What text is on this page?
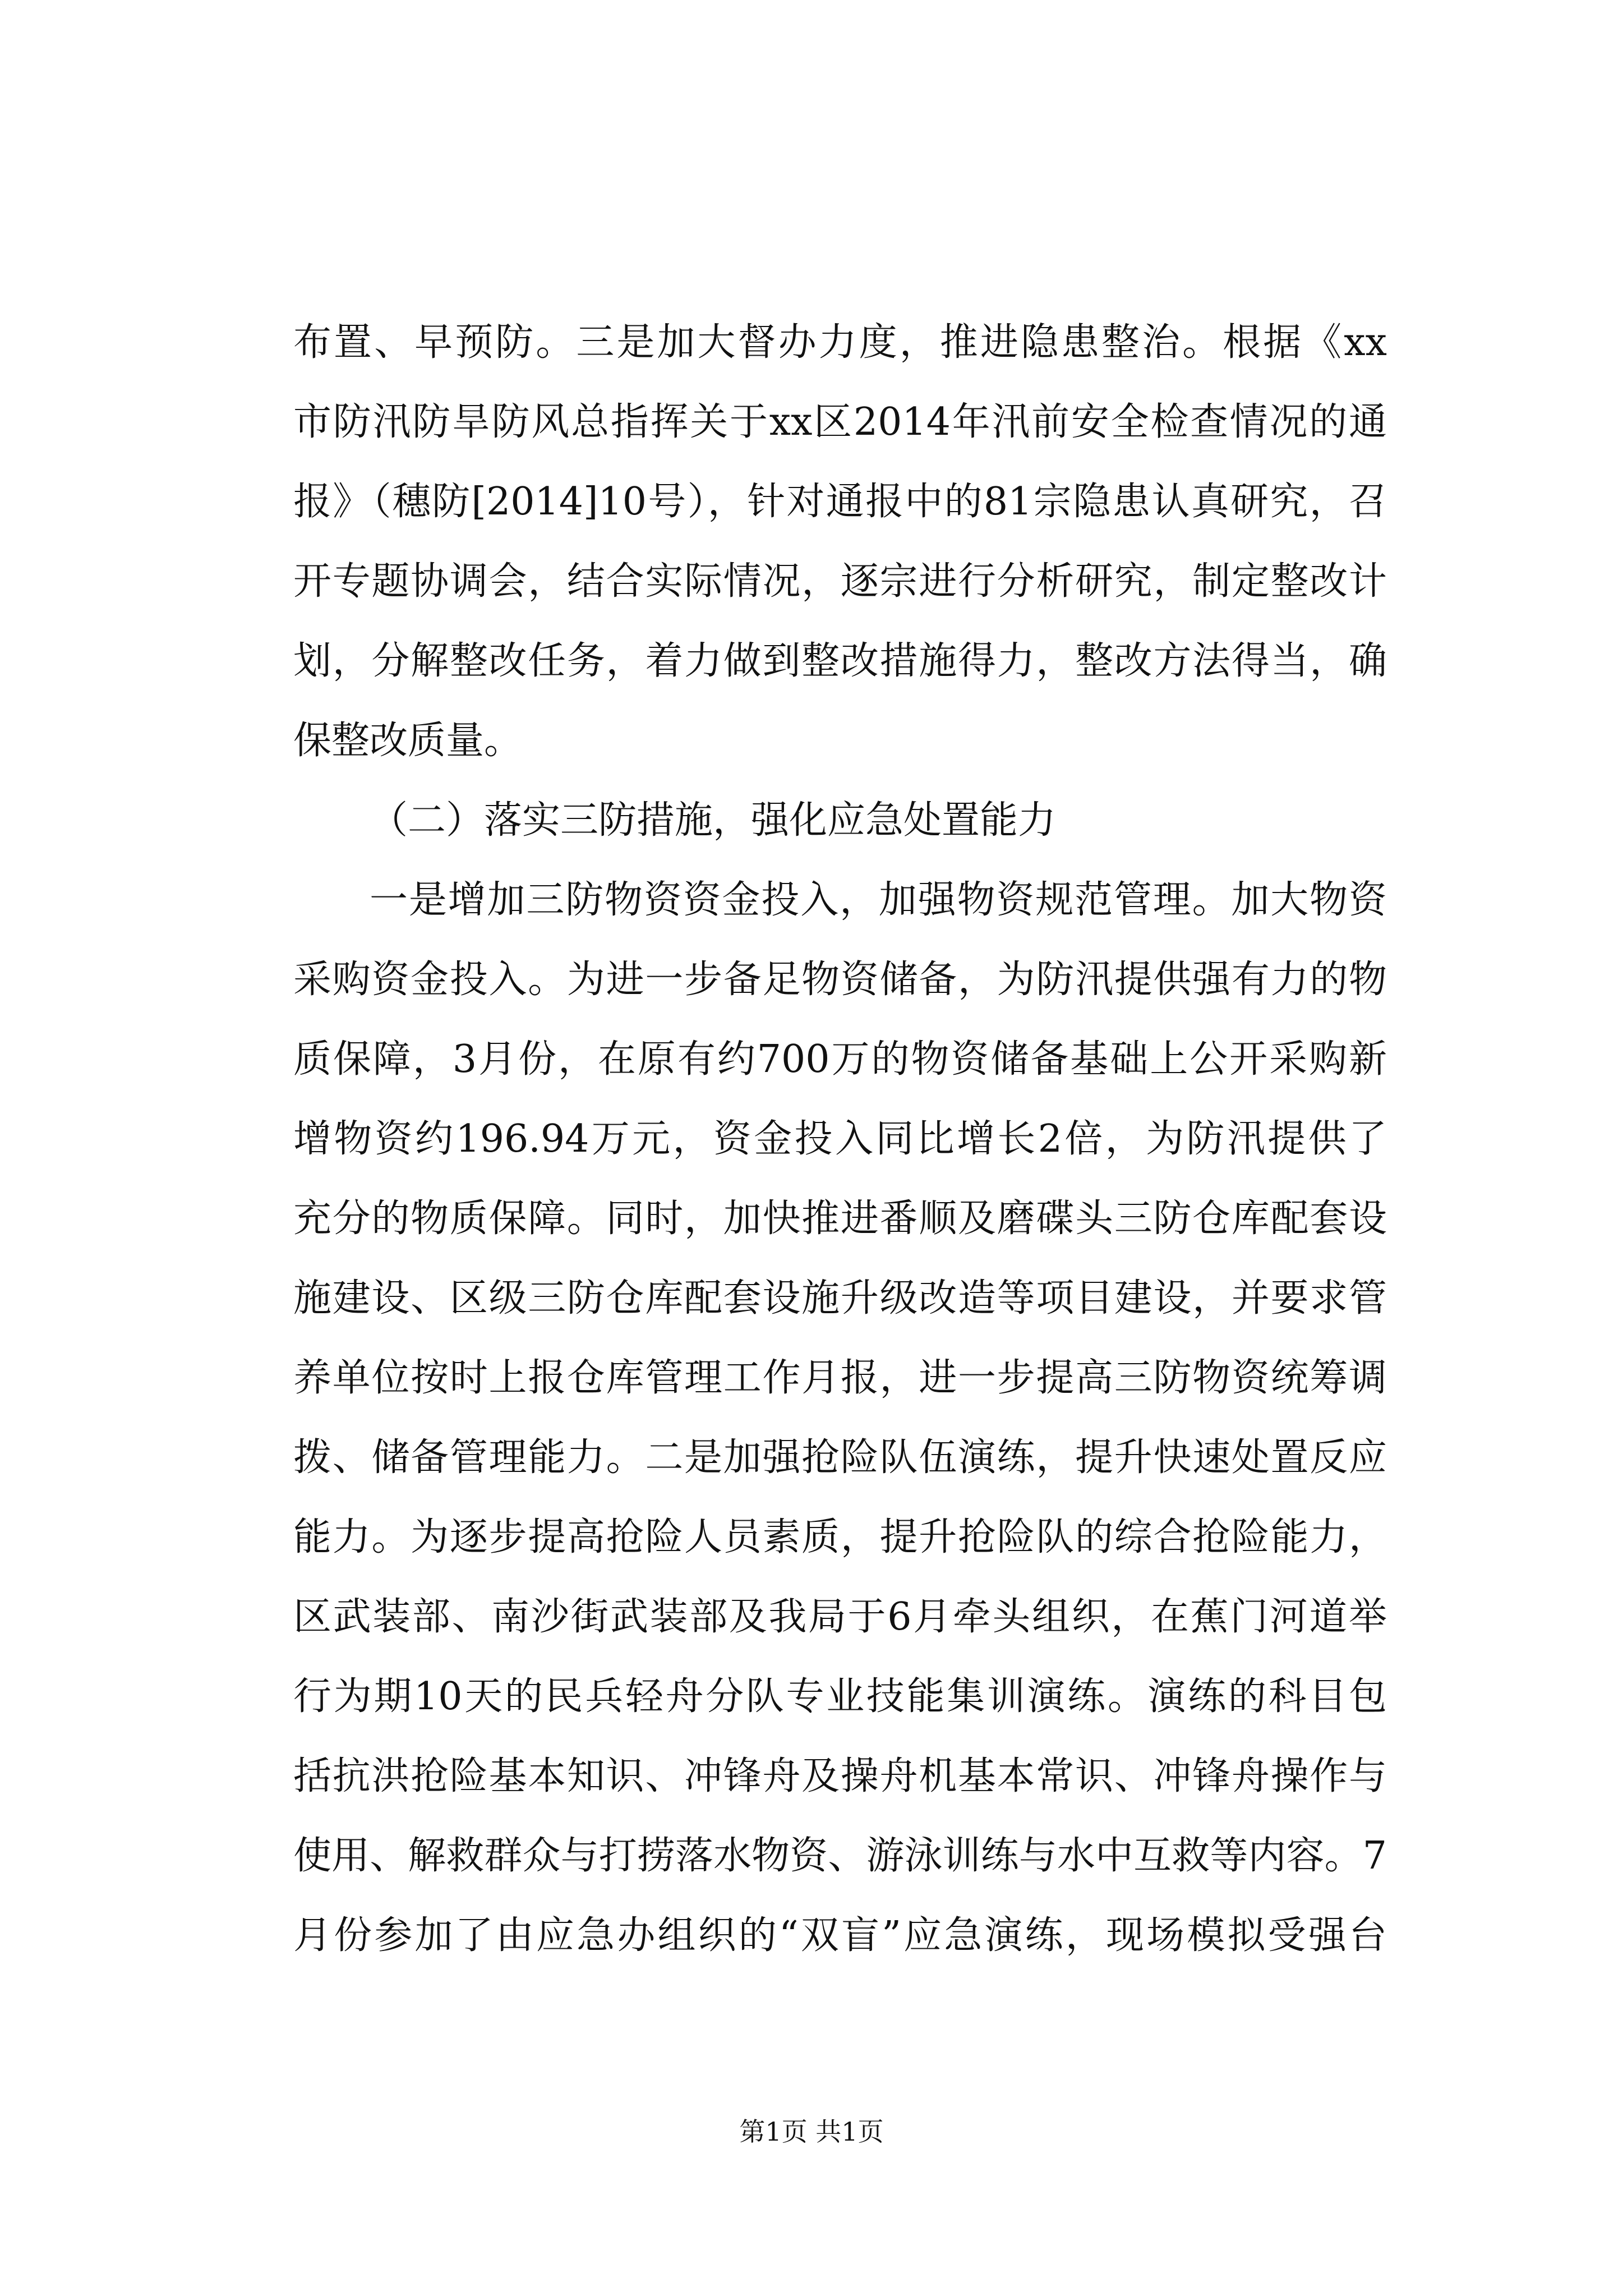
布置、早预防。三是加大督办力度，推进隐患整治。根据《xx
市防汛防旱防风总指挥关于xx区2014年汛前安全检查情况的通
报》（穗防[2014]10号），针对通报中的81宗隐患认真研究，召
开专题协调会，结合实际情况，逐宗进行分析研究，制定整改计
划，分解整改任务，着力做到整改措施得力，整改方法得当，确
保整改质量。
（二）落实三防措施，强化应急处置能力
一是增加三防物资资金投入，加强物资规范管理。加大物资
采购资金投入。为进一步备足物资储备，为防汛提供强有力的物
质保障，3月份，在原有约700万的物资储备基础上公开采购新
增物资约196.94万元，资金投入同比增长2倍，为防汛提供了
充分的物质保障。同时，加快推进番顺及磨碟头三防仓库配套设
施建设、区级三防仓库配套设施升级改造等项目建设，并要求管
养单位按时上报仓库管理工作月报，进一步提高三防物资统筹调
拨、储备管理能力。二是加强抢险队伍演练，提升快速处置反应
能力。为逐步提高抢险人员素质，提升抢险队的综合抢险能力，
区武装部、南沙街武装部及我局于6月牵头组织，在蕉门河道举
行为期10天的民兵轻舟分队专业技能集训演练。演练的科目包
括抗洪抢险基本知识、冲锋舟及操舟机基本常识、冲锋舟操作与
使用、解救群众与打捞落水物资、游泳训练与水中互救等内容。7
月份参加了由应急办组织的“双盲”应急演练，现场模拟受强台
第1页 共1页
